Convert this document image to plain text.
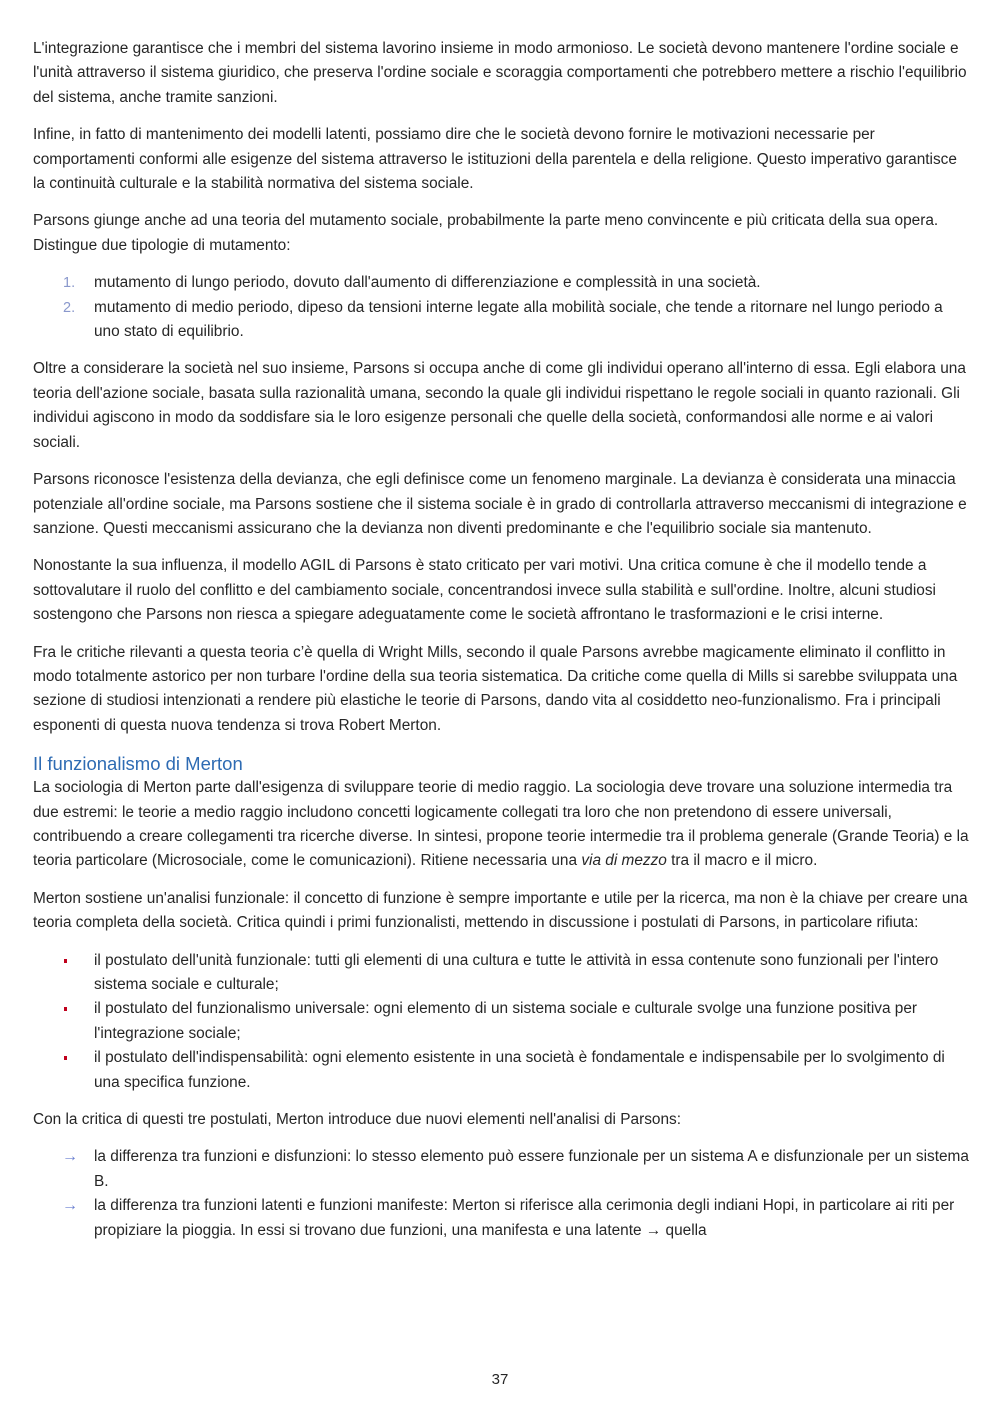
L'integrazione garantisce che i membri del sistema lavorino insieme in modo armonioso. Le società devono mantenere l'ordine sociale e l'unità attraverso il sistema giuridico, che preserva l'ordine sociale e scoraggia comportamenti che potrebbero mettere a rischio l'equilibrio del sistema, anche tramite sanzioni.

Infine, in fatto di mantenimento dei modelli latenti, possiamo dire che le società devono fornire le motivazioni necessarie per comportamenti conformi alle esigenze del sistema attraverso le istituzioni della parentela e della religione. Questo imperativo garantisce la continuità culturale e la stabilità normativa del sistema sociale.

Parsons giunge anche ad una teoria del mutamento sociale, probabilmente la parte meno convincente e più criticata della sua opera. Distingue due tipologie di mutamento:

1. mutamento di lungo periodo, dovuto dall'aumento di differenziazione e complessità in una società.
2. mutamento di medio periodo, dipeso da tensioni interne legate alla mobilità sociale, che tende a ritornare nel lungo periodo a uno stato di equilibrio.

Oltre a considerare la società nel suo insieme, Parsons si occupa anche di come gli individui operano all'interno di essa. Egli elabora una teoria dell'azione sociale, basata sulla razionalità umana, secondo la quale gli individui rispettano le regole sociali in quanto razionali. Gli individui agiscono in modo da soddisfare sia le loro esigenze personali che quelle della società, conformandosi alle norme e ai valori sociali.

Parsons riconosce l'esistenza della devianza, che egli definisce come un fenomeno marginale. La devianza è considerata una minaccia potenziale all'ordine sociale, ma Parsons sostiene che il sistema sociale è in grado di controllarla attraverso meccanismi di integrazione e sanzione. Questi meccanismi assicurano che la devianza non diventi predominante e che l'equilibrio sociale sia mantenuto.

Nonostante la sua influenza, il modello AGIL di Parsons è stato criticato per vari motivi. Una critica comune è che il modello tende a sottovalutare il ruolo del conflitto e del cambiamento sociale, concentrandosi invece sulla stabilità e sull'ordine. Inoltre, alcuni studiosi sostengono che Parsons non riesca a spiegare adeguatamente come le società affrontano le trasformazioni e le crisi interne.

Fra le critiche rilevanti a questa teoria c’è quella di Wright Mills, secondo il quale Parsons avrebbe magicamente eliminato il conflitto in modo totalmente astorico per non turbare l'ordine della sua teoria sistematica. Da critiche come quella di Mills si sarebbe sviluppata una sezione di studiosi intenzionati a rendere più elastiche le teorie di Parsons, dando vita al cosiddetto neo-funzionalismo. Fra i principali esponenti di questa nuova tendenza si trova Robert Merton.

Il funzionalismo di Merton

La sociologia di Merton parte dall'esigenza di sviluppare teorie di medio raggio. La sociologia deve trovare una soluzione intermedia tra due estremi: le teorie a medio raggio includono concetti logicamente collegati tra loro che non pretendono di essere universali, contribuendo a creare collegamenti tra ricerche diverse. In sintesi, propone teorie intermedie tra il problema generale (Grande Teoria) e la teoria particolare (Microsociale, come le comunicazioni). Ritiene necessaria una via di mezzo tra il macro e il micro.

Merton sostiene un'analisi funzionale: il concetto di funzione è sempre importante e utile per la ricerca, ma non è la chiave per creare una teoria completa della società. Critica quindi i primi funzionalisti, mettendo in discussione i postulati di Parsons, in particolare rifiuta:

il postulato dell'unità funzionale: tutti gli elementi di una cultura e tutte le attività in essa contenute sono funzionali per l'intero sistema sociale e culturale;
il postulato del funzionalismo universale: ogni elemento di un sistema sociale e culturale svolge una funzione positiva per l'integrazione sociale;
il postulato dell'indispensabilità: ogni elemento esistente in una società è fondamentale e indispensabile per lo svolgimento di una specifica funzione.

Con la critica di questi tre postulati, Merton introduce due nuovi elementi nell'analisi di Parsons:

→ la differenza tra funzioni e disfunzioni: lo stesso elemento può essere funzionale per un sistema A e disfunzionale per un sistema B.
→ la differenza tra funzioni latenti e funzioni manifeste: Merton si riferisce alla cerimonia degli indiani Hopi, in particolare ai riti per propiziare la pioggia. In essi si trovano due funzioni, una manifesta e una latente → quella
37
